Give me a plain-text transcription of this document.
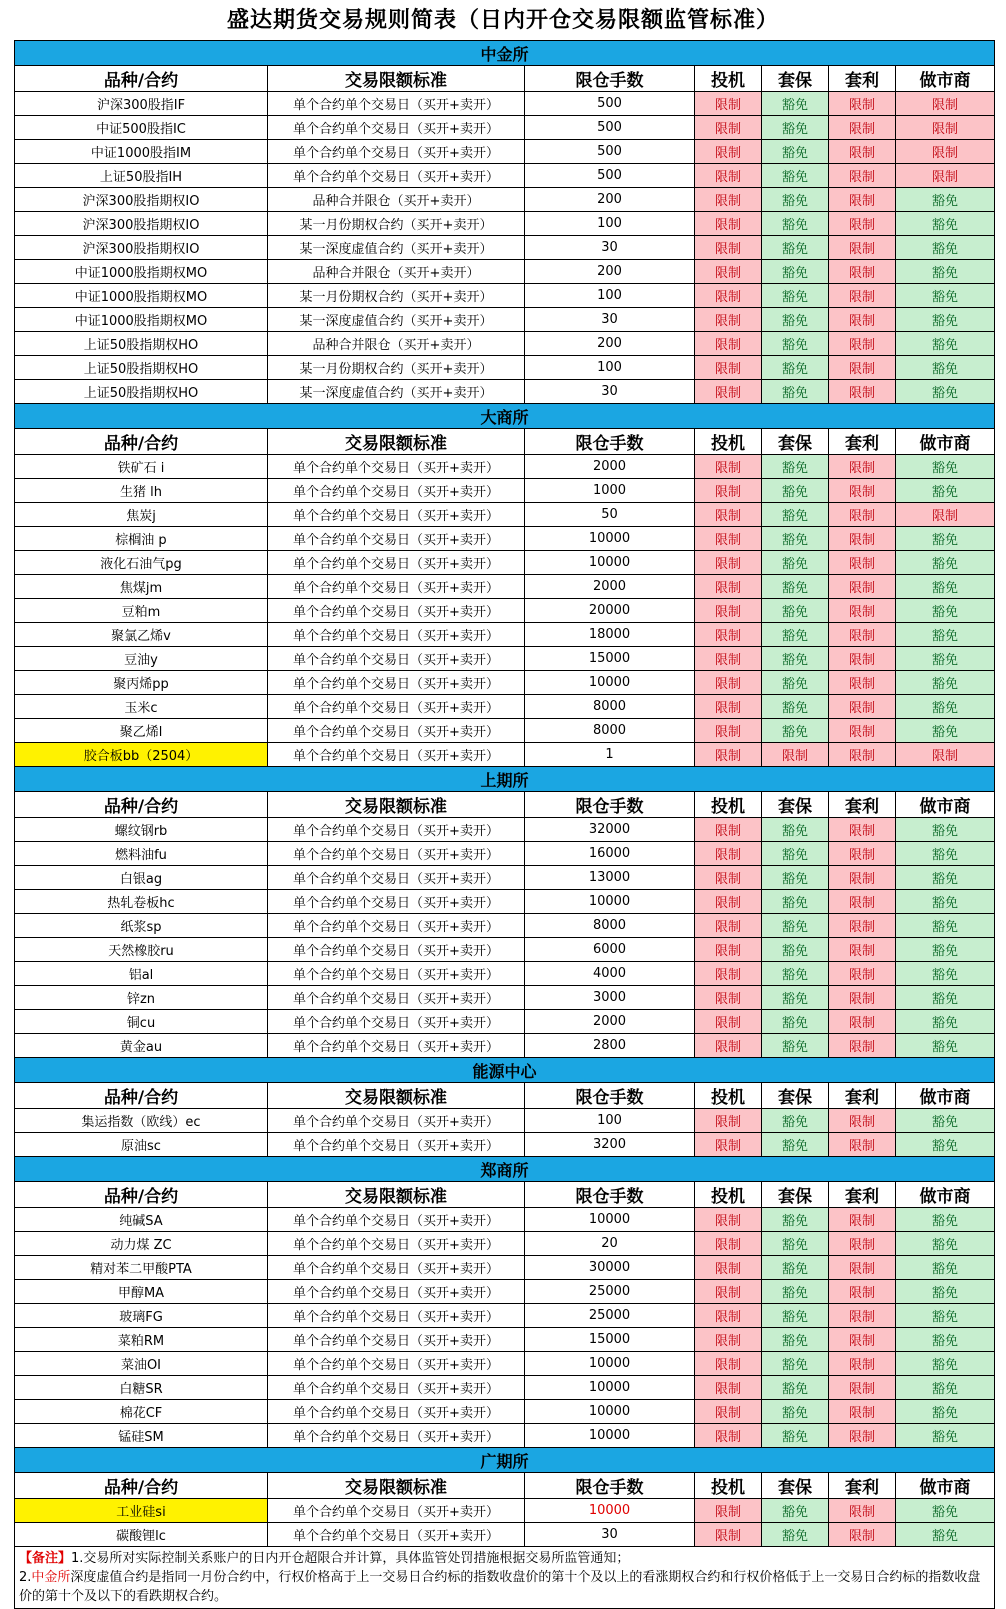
盛达期货交易规则简表（日内开仓交易限额监管标准）
中金所						
品种/合约	交易限额标准	限仓手数	投机	套保	套利	做市商
沪深300股指IF	单个合约单个交易日（买开+卖开）	500	限制	豁免	限制	限制
中证500股指IC	单个合约单个交易日（买开+卖开）	500	限制	豁免	限制	限制
中证1000股指IM	单个合约单个交易日（买开+卖开）	500	限制	豁免	限制	限制
上证50股指IH	单个合约单个交易日（买开+卖开）	500	限制	豁免	限制	限制
沪深300股指期权IO	品种合并限仓（买开+卖开）	200	限制	豁免	限制	豁免
沪深300股指期权IO	某一月份期权合约（买开+卖开）	100	限制	豁免	限制	豁免
沪深300股指期权IO	某一深度虚值合约（买开+卖开）	30	限制	豁免	限制	豁免
中证1000股指期权MO	品种合并限仓（买开+卖开）	200	限制	豁免	限制	豁免
中证1000股指期权MO	某一月份期权合约（买开+卖开）	100	限制	豁免	限制	豁免
中证1000股指期权MO	某一深度虚值合约（买开+卖开）	30	限制	豁免	限制	豁免
上证50股指期权HO	品种合并限仓（买开+卖开）	200	限制	豁免	限制	豁免
上证50股指期权HO	某一月份期权合约（买开+卖开）	100	限制	豁免	限制	豁免
上证50股指期权HO	某一深度虚值合约（买开+卖开）	30	限制	豁免	限制	豁免
大商所						
品种/合约	交易限额标准	限仓手数	投机	套保	套利	做市商
铁矿石 i	单个合约单个交易日（买开+卖开）	2000	限制	豁免	限制	豁免
生猪 lh	单个合约单个交易日（买开+卖开）	1000	限制	豁免	限制	豁免
焦炭j	单个合约单个交易日（买开+卖开）	50	限制	豁免	限制	限制
棕榈油 p	单个合约单个交易日（买开+卖开）	10000	限制	豁免	限制	豁免
液化石油气pg	单个合约单个交易日（买开+卖开）	10000	限制	豁免	限制	豁免
焦煤jm	单个合约单个交易日（买开+卖开）	2000	限制	豁免	限制	豁免
豆粕m	单个合约单个交易日（买开+卖开）	20000	限制	豁免	限制	豁免
聚氯乙烯v	单个合约单个交易日（买开+卖开）	18000	限制	豁免	限制	豁免
豆油y	单个合约单个交易日（买开+卖开）	15000	限制	豁免	限制	豁免
聚丙烯pp	单个合约单个交易日（买开+卖开）	10000	限制	豁免	限制	豁免
玉米c	单个合约单个交易日（买开+卖开）	8000	限制	豁免	限制	豁免
聚乙烯l	单个合约单个交易日（买开+卖开）	8000	限制	豁免	限制	豁免
胶合板bb（2504）	单个合约单个交易日（买开+卖开）	1	限制	限制	限制	限制
上期所						
品种/合约	交易限额标准	限仓手数	投机	套保	套利	做市商
螺纹钢rb	单个合约单个交易日（买开+卖开）	32000	限制	豁免	限制	豁免
燃料油fu	单个合约单个交易日（买开+卖开）	16000	限制	豁免	限制	豁免
白银ag	单个合约单个交易日（买开+卖开）	13000	限制	豁免	限制	豁免
热轧卷板hc	单个合约单个交易日（买开+卖开）	10000	限制	豁免	限制	豁免
纸浆sp	单个合约单个交易日（买开+卖开）	8000	限制	豁免	限制	豁免
天然橡胶ru	单个合约单个交易日（买开+卖开）	6000	限制	豁免	限制	豁免
铝al	单个合约单个交易日（买开+卖开）	4000	限制	豁免	限制	豁免
锌zn	单个合约单个交易日（买开+卖开）	3000	限制	豁免	限制	豁免
铜cu	单个合约单个交易日（买开+卖开）	2000	限制	豁免	限制	豁免
黄金au	单个合约单个交易日（买开+卖开）	2800	限制	豁免	限制	豁免
能源中心						
品种/合约	交易限额标准	限仓手数	投机	套保	套利	做市商
集运指数（欧线）ec	单个合约单个交易日（买开+卖开）	100	限制	豁免	限制	豁免
原油sc	单个合约单个交易日（买开+卖开）	3200	限制	豁免	限制	豁免
郑商所						
品种/合约	交易限额标准	限仓手数	投机	套保	套利	做市商
纯碱SA	单个合约单个交易日（买开+卖开）	10000	限制	豁免	限制	豁免
动力煤 ZC	单个合约单个交易日（买开+卖开）	20	限制	豁免	限制	豁免
精对苯二甲酸PTA	单个合约单个交易日（买开+卖开）	30000	限制	豁免	限制	豁免
甲醇MA	单个合约单个交易日（买开+卖开）	25000	限制	豁免	限制	豁免
玻璃FG	单个合约单个交易日（买开+卖开）	25000	限制	豁免	限制	豁免
菜粕RM	单个合约单个交易日（买开+卖开）	15000	限制	豁免	限制	豁免
菜油OI	单个合约单个交易日（买开+卖开）	10000	限制	豁免	限制	豁免
白糖SR	单个合约单个交易日（买开+卖开）	10000	限制	豁免	限制	豁免
棉花CF	单个合约单个交易日（买开+卖开）	10000	限制	豁免	限制	豁免
锰硅SM	单个合约单个交易日（买开+卖开）	10000	限制	豁免	限制	豁免
广期所						
品种/合约	交易限额标准	限仓手数	投机	套保	套利	做市商
工业硅si	单个合约单个交易日（买开+卖开）	10000	限制	豁免	限制	豁免
碳酸锂lc	单个合约单个交易日（买开+卖开）	30	限制	豁免	限制	豁免

【备注】1.交易所对实际控制关系账户的日内开仓超限合并计算，具体监管处罚措施根据交易所监管通知；
2.中金所深度虚值合约是指同一月份合约中，行权价格高于上一交易日合约标的指数收盘价的第十个及以上的看涨期权合约和行权价格低于上一交易日合约标的指数收盘价的第十个及以下的看跌期权合约。						
